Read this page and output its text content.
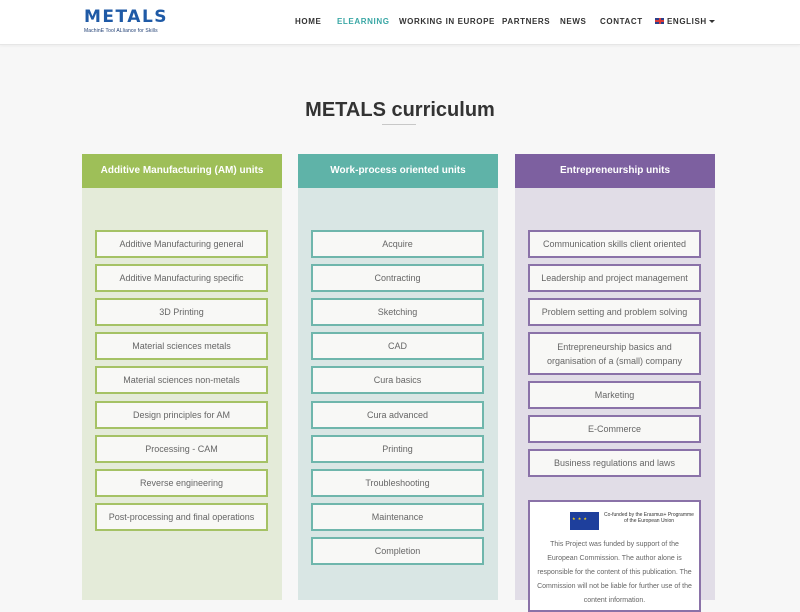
METALS
MachinE Tool ALliance for Skills
HOME ELEARNING WORKING IN EUROPE PARTNERS NEWS CONTACT	ENGLISH
METALS curriculum
Additive Manufacturing (AM) units
Additive Manufacturing general
Additive Manufacturing specific
3D Printing
Material sciences metals
Material sciences non-metals
Design principles for AM
Processing - CAM
Reverse engineering
Post-processing and final operations
Work-process oriented units
Acquire
Contracting
Sketching
CAD
Cura basics
Cura advanced
Printing
Troubleshooting
Maintenance
Completion
Entrepreneurship units
Communication skills client oriented
Leadership and project management
Problem setting and problem solving
Entrepreneurship basics and organisation of a (small) company
Marketing
E-Commerce
Business regulations and laws
★ ★ ★
Co-funded by the Erasmus+ Programme of the European Union
This Project was funded by support of the European Commission. The author alone is responsible for the content of this publication. The Commission will not be liable for further use of the content information.
